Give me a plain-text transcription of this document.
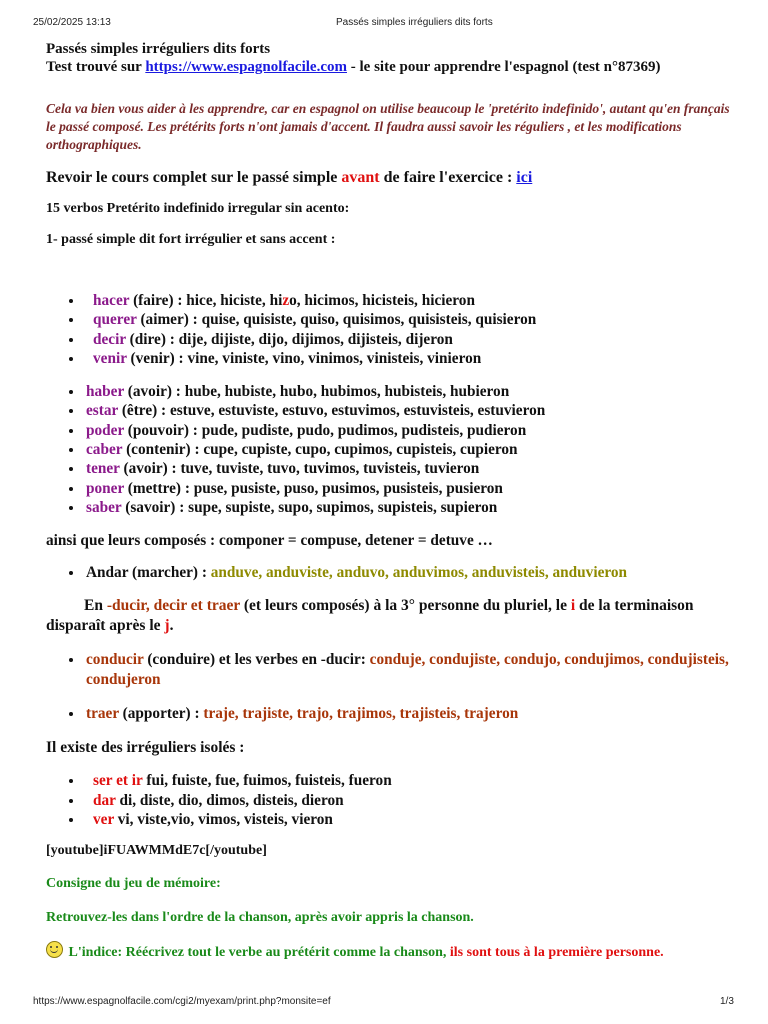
25/02/2025 13:13	Passés simples irréguliers dits forts

Passés simples irréguliers dits forts

Test trouvé sur https://www.espagnolfacile.com - le site pour apprendre l'espagnol (test n°87369)

Cela va bien vous aider à les apprendre, car en espagnol on utilise beaucoup le 'pretérito indefinido', autant qu'en français le passé composé. Les prétérits forts n'ont jamais d'accent. Il faudra aussi savoir les réguliers , et les modifications orthographiques.

Revoir le cours complet sur le passé simple avant de faire l'exercice : ici

15 verbos Pretérito indefinido irregular sin acento:

1- passé simple dit fort irrégulier et sans accent :

• hacer (faire) : hice, hiciste, hizo, hicimos, hicisteis, hicieron
• querer (aimer) : quise, quisiste, quiso, quisimos, quisisteis, quisieron
• decir (dire) : dije, dijiste, dijo, dijimos, dijisteis, dijeron
• venir (venir) : vine, viniste, vino, vinimos, vinisteis, vinieron
• haber (avoir) : hube, hubiste, hubo, hubimos, hubisteis, hubieron
• estar (être) : estuve, estuviste, estuvo, estuvimos, estuvisteis, estuvieron
• poder (pouvoir) : pude, pudiste, pudo, pudimos, pudisteis, pudieron
• caber (contenir) : cupe, cupiste, cupo, cupimos, cupisteis, cupieron
• tener (avoir) : tuve, tuviste, tuvo, tuvimos, tuvisteis, tuvieron
• poner (mettre) : puse, pusiste, puso, pusimos, pusisteis, pusieron
• saber (savoir) : supe, supiste, supo, supimos, supisteis, supieron

ainsi que leurs composés : componer = compuse, detener = detuve …

• Andar (marcher) : anduve, anduviste, anduvo, anduvimos, anduvisteis, anduvieron

En -ducir, decir et traer (et leurs composés) à la 3° personne du pluriel, le i de la terminaison disparaît après le j.

• conducir (conduire) et les verbes en -ducir: conduje, condujiste, condujo, condujimos, condujisteis, condujeron
• traer (apporter) : traje, trajiste, trajo, trajimos, trajisteis, trajeron

Il existe des irréguliers isolés :

• ser et ir fui, fuiste, fue, fuimos, fuisteis, fueron
• dar di, diste, dio, dimos, disteis, dieron
• ver vi, viste,vio, vimos, visteis, vieron

[youtube]iFUAWMMdE7c[/youtube]

Consigne du jeu de mémoire:

Retrouvez-les dans l'ordre de la chanson, après avoir appris la chanson.

L'indice: Réécrivez tout le verbe au prétérit comme la chanson, ils sont tous à la première personne.

https://www.espagnolfacile.com/cgi2/myexam/print.php?monsite=ef	1/3
